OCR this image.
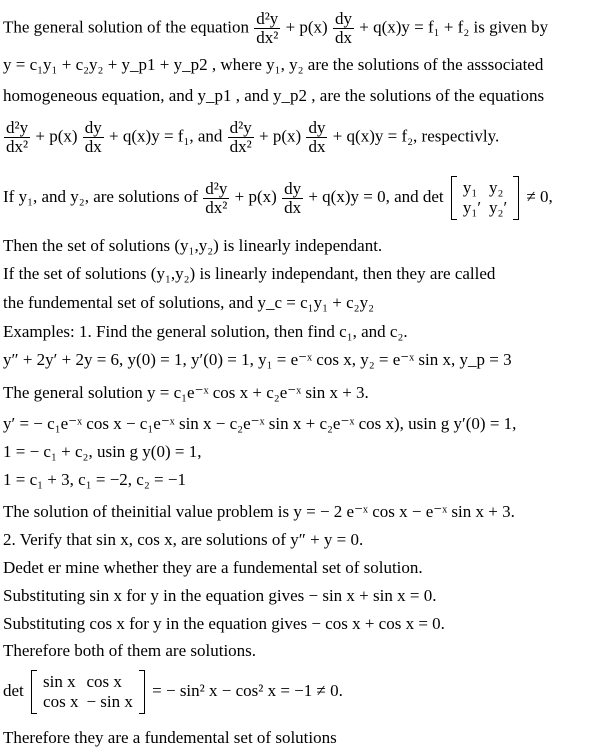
The general solution of the equation $\frac{\text{d²y}}{\text{dx²}} + p(x) \frac{dy}{dx} + q(x)y = f_1 + f_2$ is given by
y = c₁y₁ + c₂y₂ + y_p1 + y_p2 , where y₁, y₂ are the solutions of the asssociated
homogeneous equation, and y_p1 , and y_p2 , are the solutions of the equations
$\frac{\text{d²y}}{\text{dx²}} + p(x) \frac{dy}{dx} + q(x)y = f_1$, and $\frac{\text{d²y}}{\text{dx²}} + p(x) \frac{dy}{dx} + q(x)y = f_2$, respectivly.
If y₁, and y₂, are solutions of $\frac{\text{d²y}}{\text{dx²}} + p(x) \frac{dy}{dx} + q(x)y = 0$, and det y₁	y₂
y₁′	y₂′
≠ 0,
Then the set of solutions (y₁,y₂) is linearly independant.
If the set of solutions (y₁,y₂) is linearly independant, then they are called
the fundemental set of solutions, and y_c = c₁y₁ + c₂y₂
Examples: 1. Find the general solution, then find c₁, and c₂.
y″ + 2y′ + 2y = 6, y(0) = 1, y′(0) = 1, y₁ = e⁻ˣ cos x, y₂ = e⁻ˣ sin x, y_p = 3
The general solution y = c₁e⁻ˣ cos x + c₂e⁻ˣ sin x + 3.
y′ = − c₁e⁻ˣ cos x − c₁e⁻ˣ sin x − c₂e⁻ˣ sin x + c₂e⁻ˣ cos x), usin g y′(0) = 1,
1 = − c₁ + c₂, usin g y(0) = 1,
1 = c₁ + 3, c₁ = −2, c₂ = −1
The solution of theinitial value problem is y = − 2 e⁻ˣ cos x − e⁻ˣ sin x + 3.
2. Verify that sin x, cos x, are solutions of y″ + y = 0.
Dedet er mine whether they are a fundemental set of solution.
Substituting sin x for y in the equation gives − sin x + sin x = 0.
Substituting cos x for y in the equation gives − cos x + cos x = 0.
Therefore both of them are solutions.
det sin x	cos x
cos x	− sin x
= − sin² x − cos² x = −1 ≠ 0.
Therefore they are a fundemental set of solutions
